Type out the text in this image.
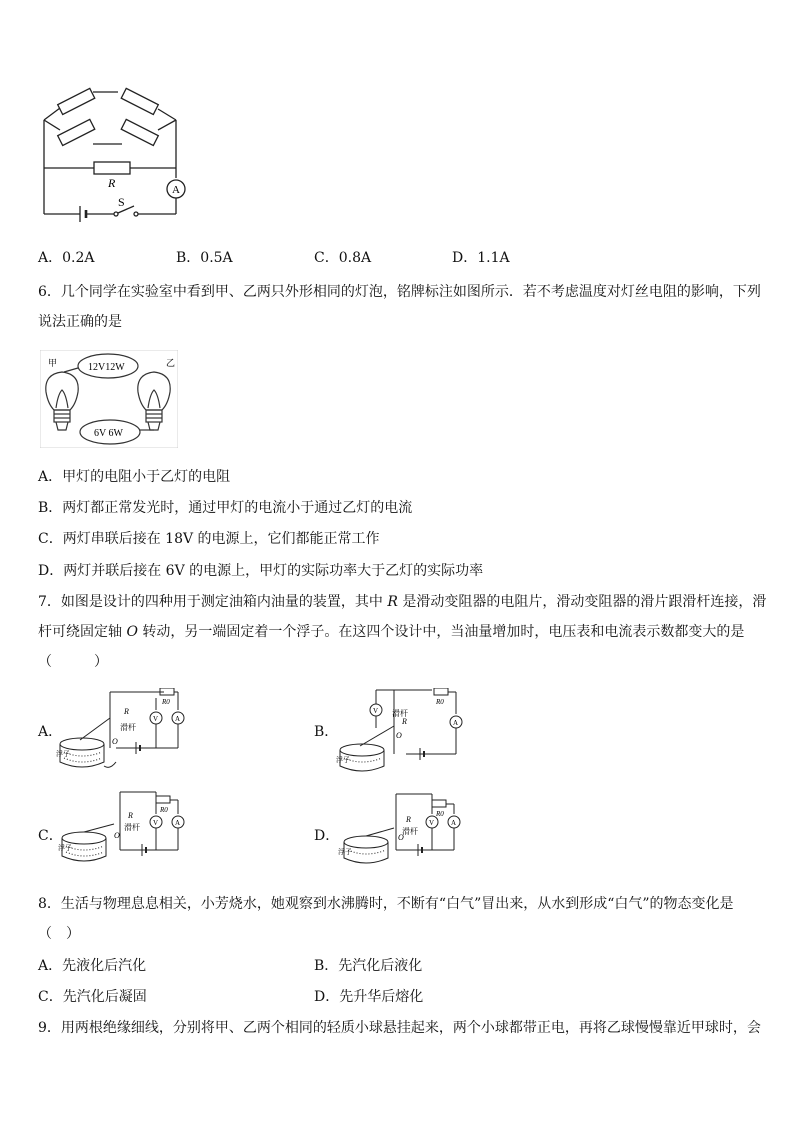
R	A
S
A．0.2A	B．0.5A	C．0.8A	D．1.1A
6．几个同学在实验室中看到甲、乙两只外形相同的灯泡，铭牌标注如图所示．若不考虑温度对灯丝电阻的影响，下列
说法正确的是
甲	乙
12V12W
6V 6W
A．甲灯的电阻小于乙灯的电阻
B．两灯都正常发光时，通过甲灯的电流小于通过乙灯的电流
C．两灯串联后接在 18V 的电源上，它们都能正常工作
D．两灯并联后接在 6V 的电源上，甲灯的实际功率大于乙灯的实际功率
7．如图是设计的四种用于测定油箱内油量的装置，其中 R 是滑动变阻器的电阻片，滑动变阻器的滑片跟滑杆连接，滑
杆可绕固定轴 O 转动，另一端固定着一个浮子。在这四个设计中，当油量增加时，电压表和电流表示数都变大的是
（　　　）
A．	B．
C．	D．
R
滑杆
O
R0
V A
浮子
R
滑杆
O
R0
V
A
浮子
R
滑杆
O
R0
V A
浮子
R
滑杆
O
R0
V A
浮子
8．生活与物理息息相关，小芳烧水，她观察到水沸腾时，不断有“白气”冒出来，从水到形成“白气”的物态变化是
（　）
A．先液化后汽化	B．先汽化后液化
C．先汽化后凝固	D．先升华后熔化
9．用两根绝缘细线，分别将甲、乙两个相同的轻质小球悬挂起来，两个小球都带正电，再将乙球慢慢靠近甲球时，会
